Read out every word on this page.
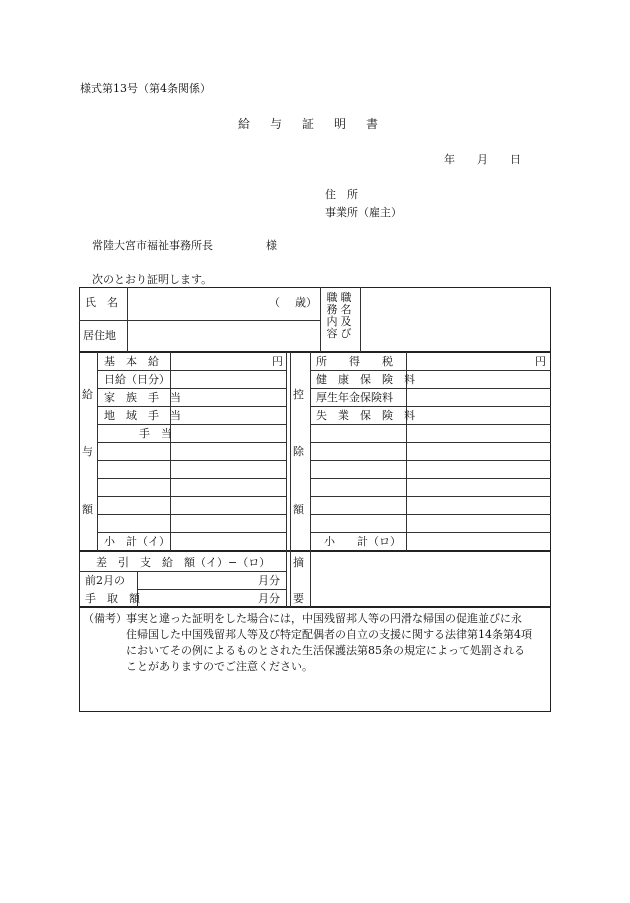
様式第13号（第4条関係）
給　与　証　明　書
年　　月　　日
住　所
事業所（雇主）
常陸大宮市福祉事務所長	様
次のとおり証明します。
氏　名	（ 歳）
居住地
職名及び
職務内容
給
与
額
控
除
額
基　本　給
日給（日分）
家　族　手　当
地　域　手　当
手　当
円
小　計（イ）
所　　得　　税
健　康　保　険　料
厚生年金保険料
失　業　保　険　料
円
小　　計（ロ）
差　引　支　給　額（イ）−（ロ）
前2月の
手　取　額
月分
月分
摘
要
（備考） 事実と違った証明をした場合には，中国残留邦人等の円滑な帰国の促進並びに永
住帰国した中国残留邦人等及び特定配偶者の自立の支援に関する法律第14条第4項
においてその例によるものとされた生活保護法第85条の規定によって処罰される
ことがありますのでご注意ください。
